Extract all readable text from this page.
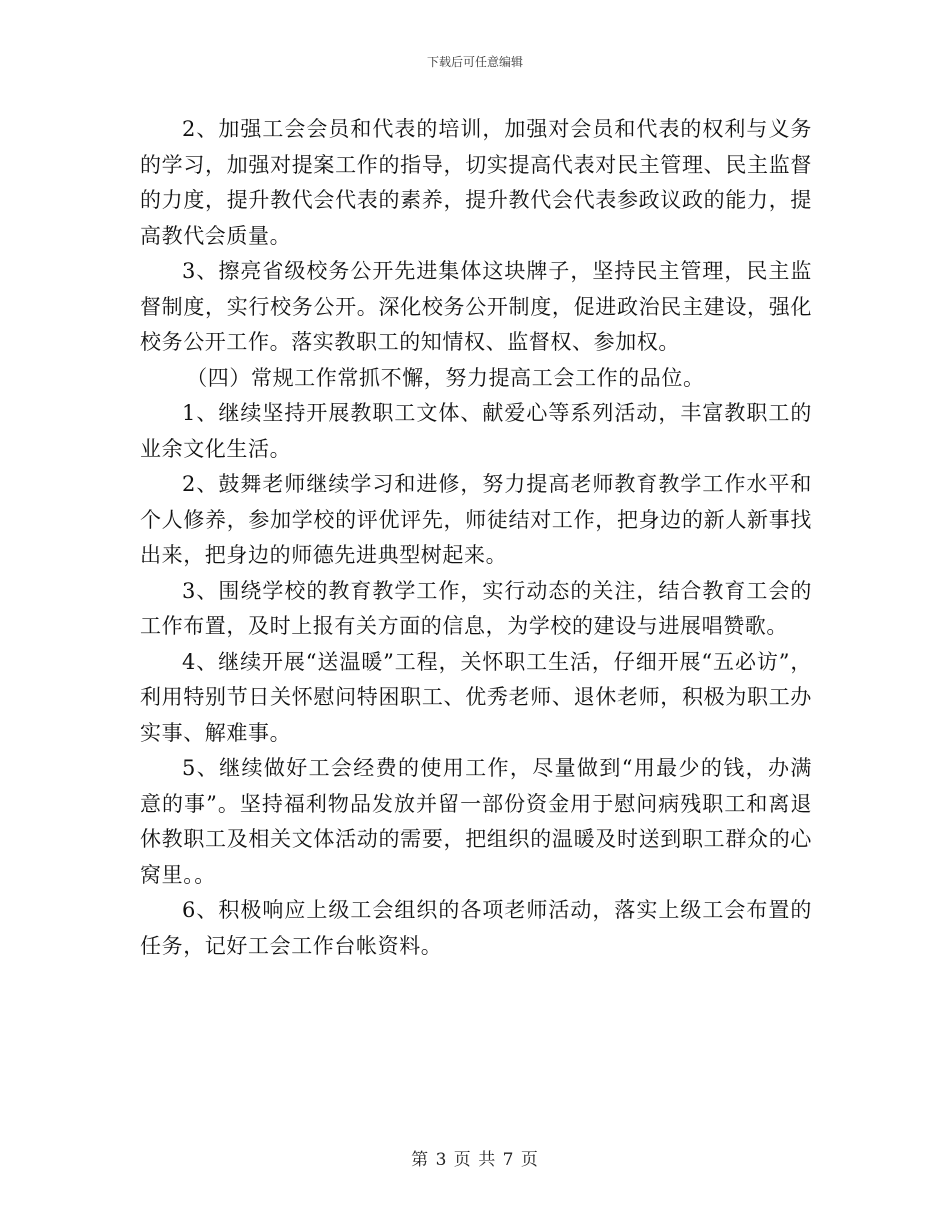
下载后可任意编辑

2、加强工会会员和代表的培训，加强对会员和代表的权利与义务的学习，加强对提案工作的指导，切实提高代表对民主管理、民主监督的力度，提升教代会代表的素养，提升教代会代表参政议政的能力，提高教代会质量。

3、擦亮省级校务公开先进集体这块牌子，坚持民主管理，民主监督制度，实行校务公开。深化校务公开制度，促进政治民主建设，强化校务公开工作。落实教职工的知情权、监督权、参加权。

（四）常规工作常抓不懈，努力提高工会工作的品位。

1、继续坚持开展教职工文体、献爱心等系列活动，丰富教职工的业余文化生活。

2、鼓舞老师继续学习和进修，努力提高老师教育教学工作水平和个人修养，参加学校的评优评先，师徒结对工作，把身边的新人新事找出来，把身边的师德先进典型树起来。

3、围绕学校的教育教学工作，实行动态的关注，结合教育工会的工作布置，及时上报有关方面的信息，为学校的建设与进展唱赞歌。

4、继续开展“送温暖”工程，关怀职工生活，仔细开展“五必访”，利用特别节日关怀慰问特困职工、优秀老师、退休老师，积极为职工办实事、解难事。

5、继续做好工会经费的使用工作，尽量做到“用最少的钱，办满意的事”。坚持福利物品发放并留一部份资金用于慰问病残职工和离退休教职工及相关文体活动的需要，把组织的温暖及时送到职工群众的心窝里。。

6、积极响应上级工会组织的各项老师活动，落实上级工会布置的任务，记好工会工作台帐资料。

第 3 页 共 7 页
